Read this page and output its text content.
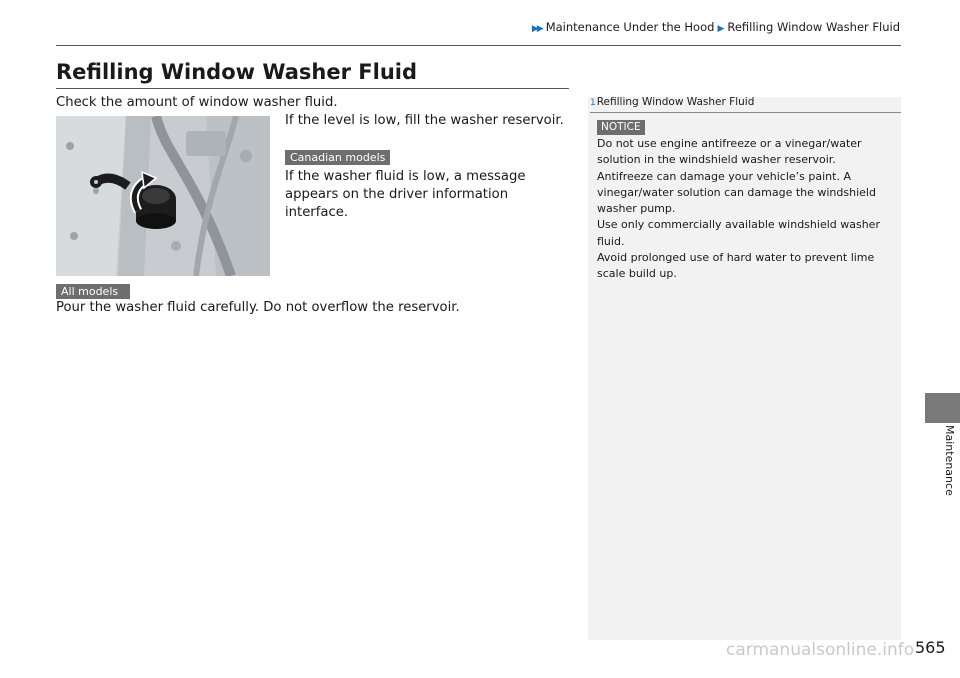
▶▶ Maintenance Under the Hood ▶ Refilling Window Washer Fluid
Refilling Window Washer Fluid
Check the amount of window washer fluid.
If the level is low, fill the washer reservoir.
Canadian models
If the washer fluid is low, a message appears on the driver information interface.
All models
Pour the washer fluid carefully. Do not overflow the reservoir.
1Refilling Window Washer Fluid
NOTICE
Do not use engine antifreeze or a vinegar/water
solution in the windshield washer reservoir.
Antifreeze can damage your vehicle’s paint. A
vinegar/water solution can damage the windshield
washer pump.
Use only commercially available windshield washer
fluid.
Avoid prolonged use of hard water to prevent lime
scale build up.
Maintenance
carmanualsonline.info 565
